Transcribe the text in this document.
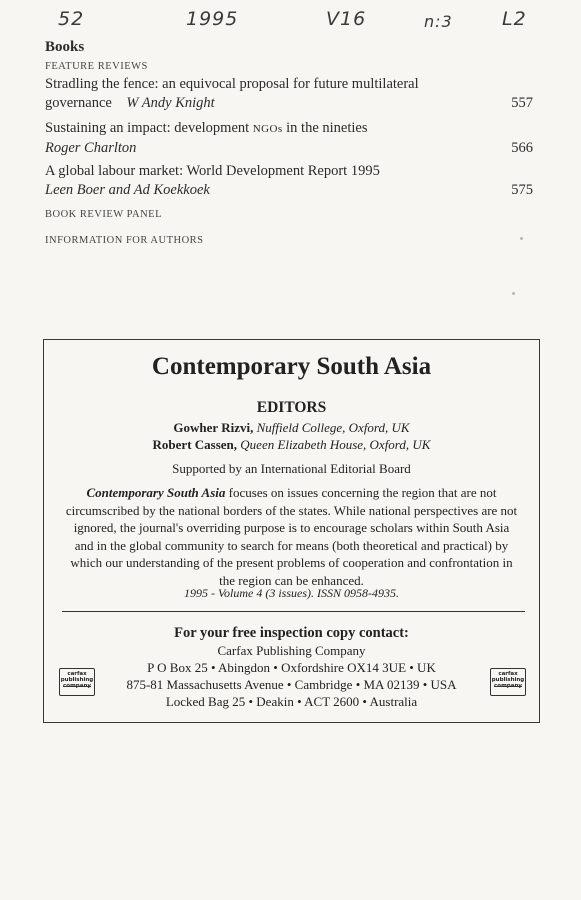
52	1995	V16	n:3	L2
Books
FEATURE REVIEWS
Stradling the fence: an equivocal proposal for future multilateral
governance W Andy Knight	557
Sustaining an impact: development NGOs in the nineties
Roger Charlton	566
A global labour market: World Development Report 1995
Leen Boer and Ad Koekkoek	575
BOOK REVIEW PANEL
INFORMATION FOR AUTHORS
Contemporary South Asia
EDITORS
Gowher Rizvi, Nuffield College, Oxford, UK
Robert Cassen, Queen Elizabeth House, Oxford, UK
Supported by an International Editorial Board
Contemporary South Asia focuses on issues concerning the region that are not
circumscribed by the national borders of the states. While national perspectives are not
ignored, the journal's overriding purpose is to encourage scholars within South Asia
and in the global community to search for means (both theoretical and practical) by
which our understanding of the present problems of cooperation and confrontation in
the region can be enhanced.
1995 - Volume 4 (3 issues). ISSN 0958-4935.
For your free inspection copy contact:
Carfax Publishing Company
P O Box 25 • Abingdon • Oxfordshire OX14 3UE • UK
875-81 Massachusetts Avenue • Cambridge • MA 02139 • USA
Locked Bag 25 • Deakin • ACT 2600 • Australia
carfax
publishing
company
carfax
publishing
company
